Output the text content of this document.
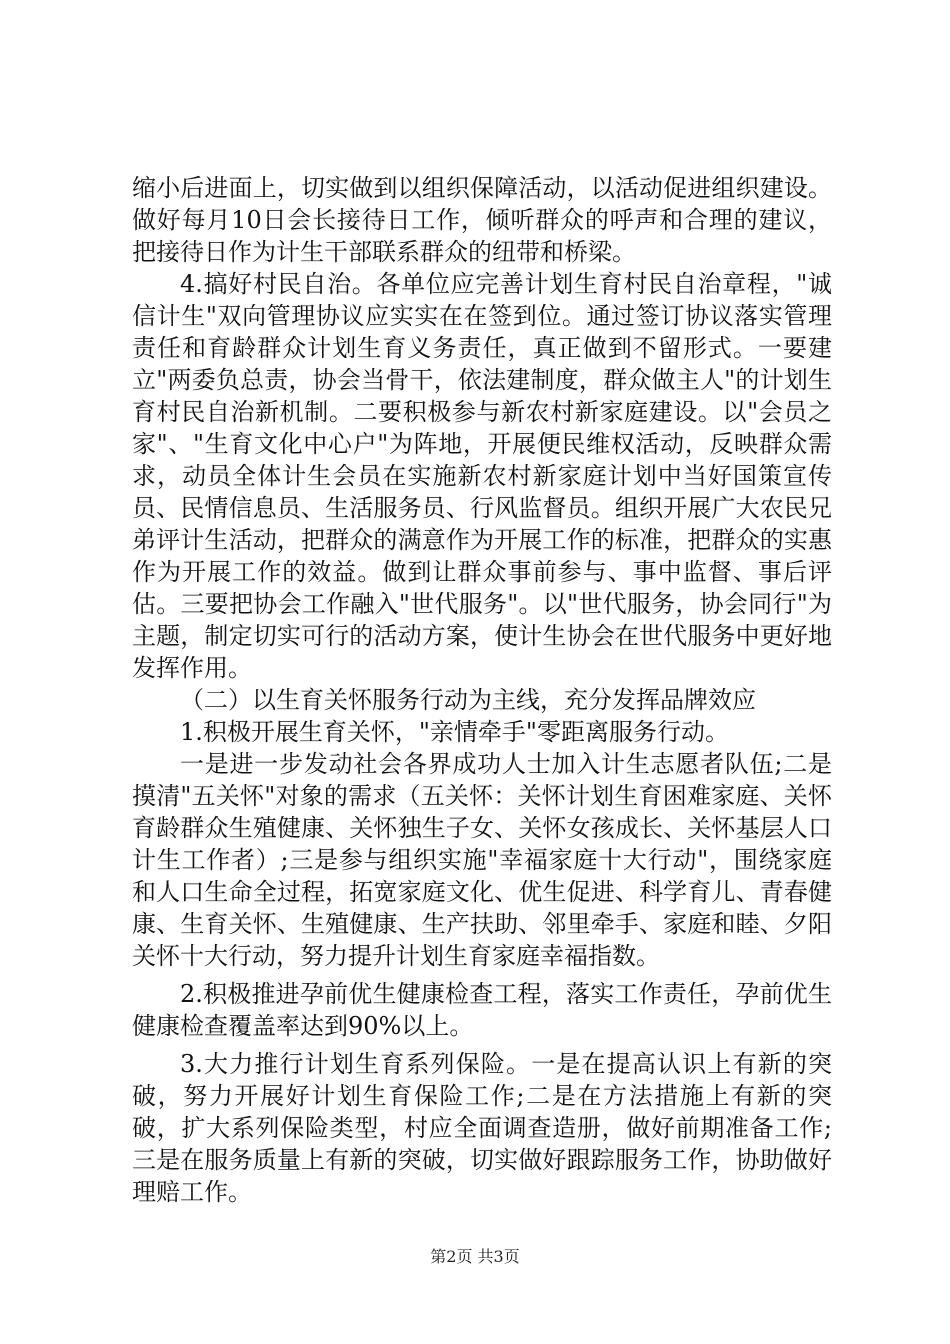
缩小后进面上，切实做到以组织保障活动，以活动促进组织建设。做好每月10日会长接待日工作，倾听群众的呼声和合理的建议，把接待日作为计生干部联系群众的纽带和桥梁。

4.搞好村民自治。各单位应完善计划生育村民自治章程，"诚信计生"双向管理协议应实实在在签到位。通过签订协议落实管理责任和育龄群众计划生育义务责任，真正做到不留形式。一要建立"两委负总责，协会当骨干，依法建制度，群众做主人"的计划生育村民自治新机制。二要积极参与新农村新家庭建设。以"会员之家"、"生育文化中心户"为阵地，开展便民维权活动，反映群众需求，动员全体计生会员在实施新农村新家庭计划中当好国策宣传员、民情信息员、生活服务员、行风监督员。组织开展广大农民兄弟评计生活动，把群众的满意作为开展工作的标准，把群众的实惠作为开展工作的效益。做到让群众事前参与、事中监督、事后评估。三要把协会工作融入"世代服务"。以"世代服务，协会同行"为主题，制定切实可行的活动方案，使计生协会在世代服务中更好地发挥作用。

（二）以生育关怀服务行动为主线，充分发挥品牌效应

1.积极开展生育关怀，"亲情牵手"零距离服务行动。

一是进一步发动社会各界成功人士加入计生志愿者队伍;二是摸清"五关怀"对象的需求（五关怀：关怀计划生育困难家庭、关怀育龄群众生殖健康、关怀独生子女、关怀女孩成长、关怀基层人口计生工作者）;三是参与组织实施"幸福家庭十大行动"，围绕家庭和人口生命全过程，拓宽家庭文化、优生促进、科学育儿、青春健康、生育关怀、生殖健康、生产扶助、邻里牵手、家庭和睦、夕阳关怀十大行动，努力提升计划生育家庭幸福指数。

2.积极推进孕前优生健康检查工程，落实工作责任，孕前优生健康检查覆盖率达到90%以上。

3.大力推行计划生育系列保险。一是在提高认识上有新的突破，努力开展好计划生育保险工作;二是在方法措施上有新的突破，扩大系列保险类型，村应全面调查造册，做好前期准备工作;三是在服务质量上有新的突破，切实做好跟踪服务工作，协助做好理赔工作。

第2页 共3页
